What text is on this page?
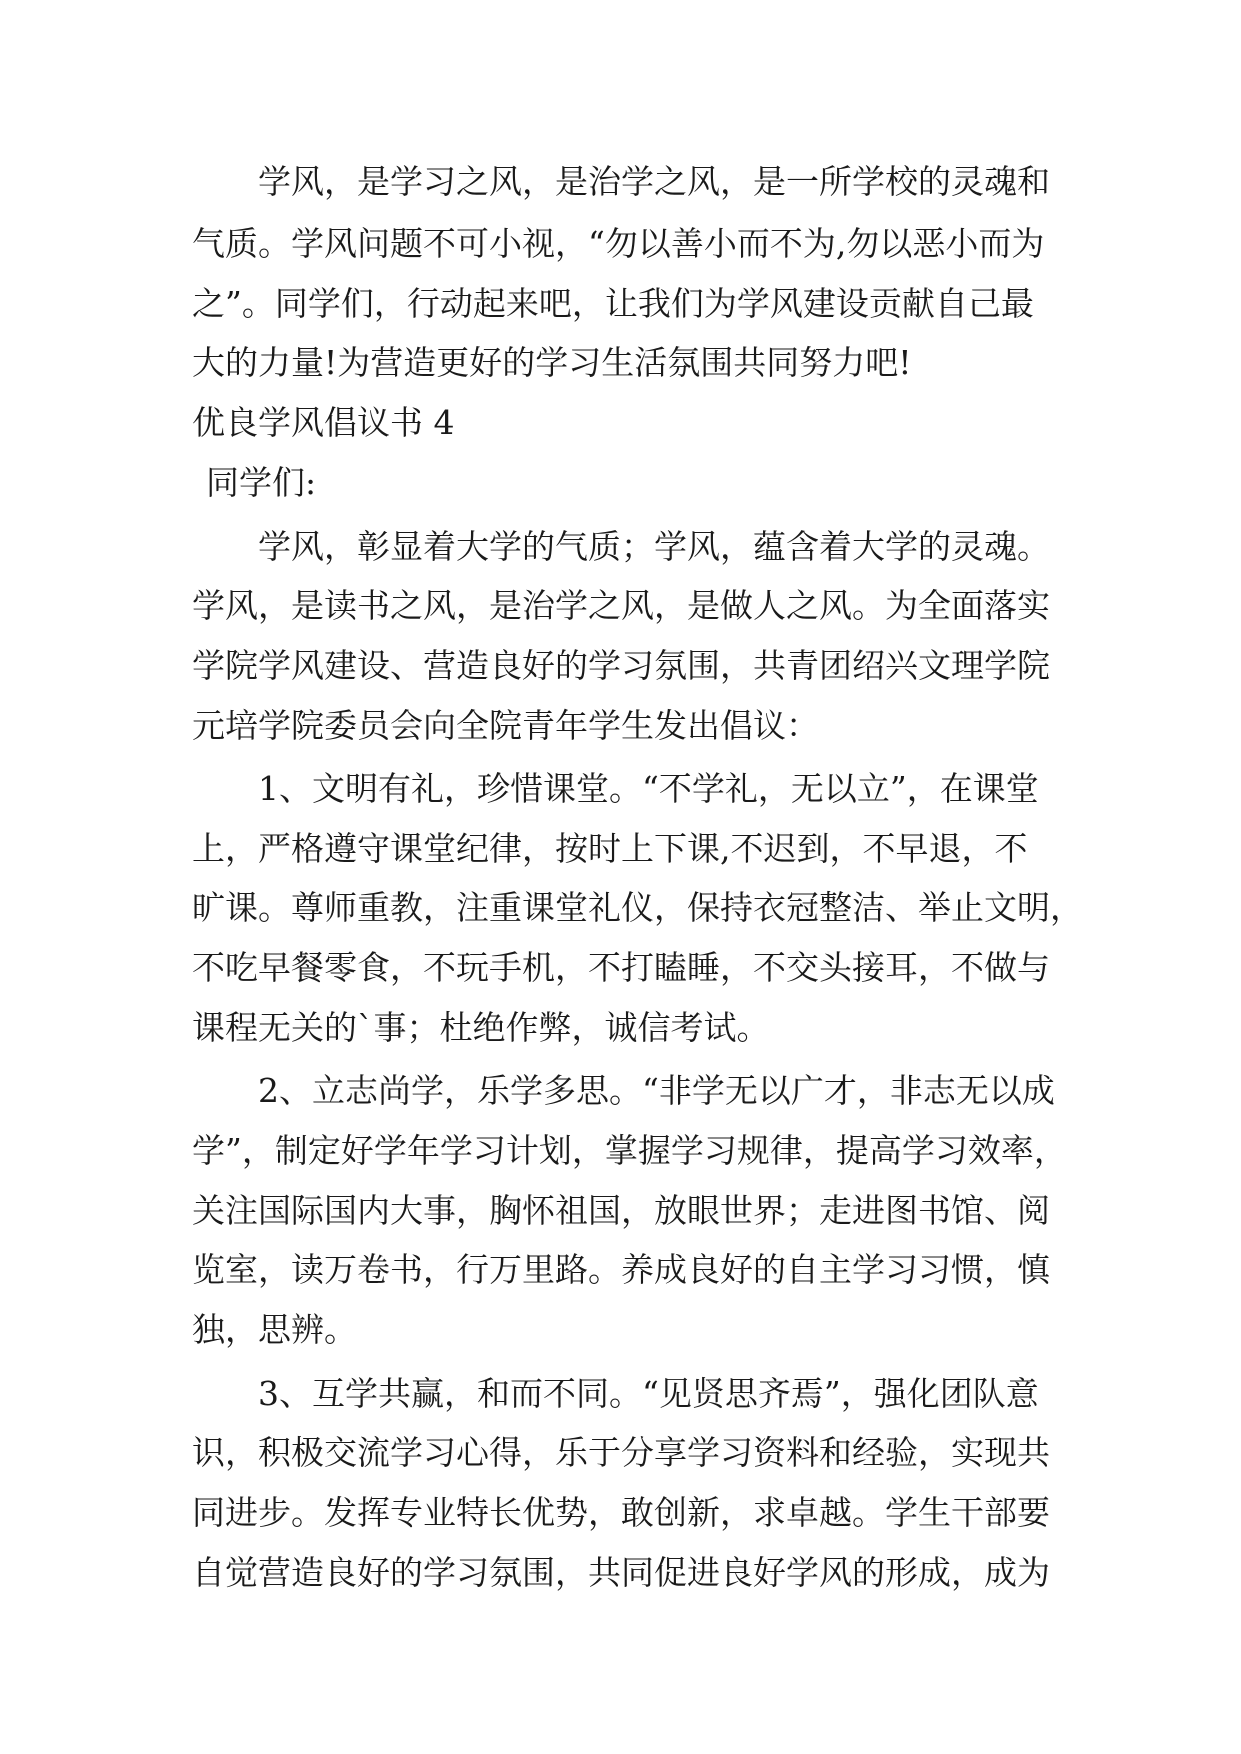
学风，是学习之风，是治学之风，是一所学校的灵魂和

气质。学风问题不可小视，“勿以善小而不为,勿以恶小而为

之”。同学们，行动起来吧，让我们为学风建设贡献自己最

大的力量!为营造更好的学习生活氛围共同努力吧!

优良学风倡议书 4

同学们:

学风，彰显着大学的气质；学风，蕴含着大学的灵魂。

学风，是读书之风，是治学之风，是做人之风。为全面落实

学院学风建设、营造良好的学习氛围，共青团绍兴文理学院

元培学院委员会向全院青年学生发出倡议：

1、文明有礼，珍惜课堂。“不学礼，无以立”，在课堂

上，严格遵守课堂纪律，按时上下课,不迟到，不早退，不

旷课。尊师重教，注重课堂礼仪，保持衣冠整洁、举止文明，

不吃早餐零食，不玩手机，不打瞌睡，不交头接耳，不做与

课程无关的`事；杜绝作弊，诚信考试。

2、立志尚学，乐学多思。“非学无以广才，非志无以成

学”，制定好学年学习计划，掌握学习规律，提高学习效率，

关注国际国内大事，胸怀祖国，放眼世界；走进图书馆、阅

览室，读万卷书，行万里路。养成良好的自主学习习惯，慎

独，思辨。

3、互学共赢，和而不同。“见贤思齐焉”，强化团队意

识，积极交流学习心得，乐于分享学习资料和经验，实现共

同进步。发挥专业特长优势，敢创新，求卓越。学生干部要

自觉营造良好的学习氛围，共同促进良好学风的形成，成为
